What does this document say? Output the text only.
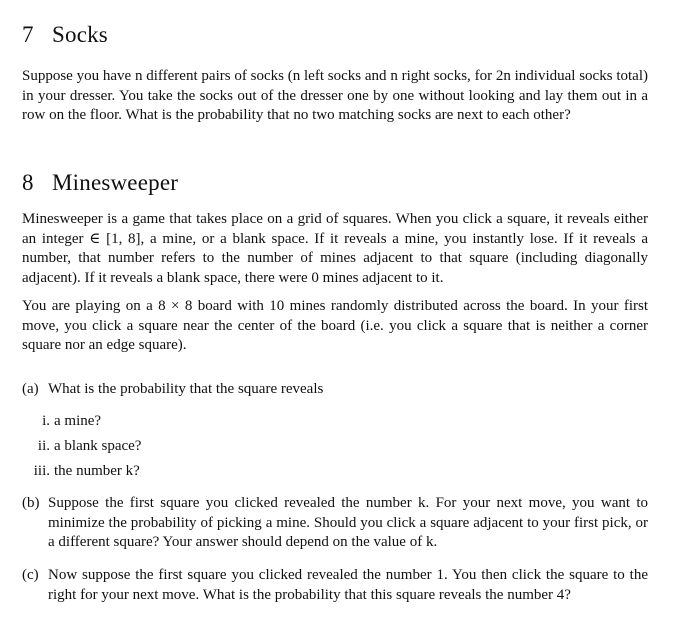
7 Socks

Suppose you have n different pairs of socks (n left socks and n right socks, for 2n individual socks total) in your dresser. You take the socks out of the dresser one by one without looking and lay them out in a row on the floor. What is the probability that no two matching socks are next to each other?

8 Minesweeper

Minesweeper is a game that takes place on a grid of squares. When you click a square, it reveals either an integer ∈ [1, 8], a mine, or a blank space. If it reveals a mine, you instantly lose. If it reveals a number, that number refers to the number of mines adjacent to that square (including diagonally adjacent). If it reveals a blank space, there were 0 mines adjacent to it.

You are playing on a 8 × 8 board with 10 mines randomly distributed across the board. In your first move, you click a square near the center of the board (i.e. you click a square that is neither a corner square nor an edge square).

(a) What is the probability that the square reveals
i. a mine?
ii. a blank space?
iii. the number k?
(b) Suppose the first square you clicked revealed the number k. For your next move, you want to minimize the probability of picking a mine. Should you click a square adjacent to your first pick, or a different square? Your answer should depend on the value of k.
(c) Now suppose the first square you clicked revealed the number 1. You then click the square to the right for your next move. What is the probability that this square reveals the number 4?
